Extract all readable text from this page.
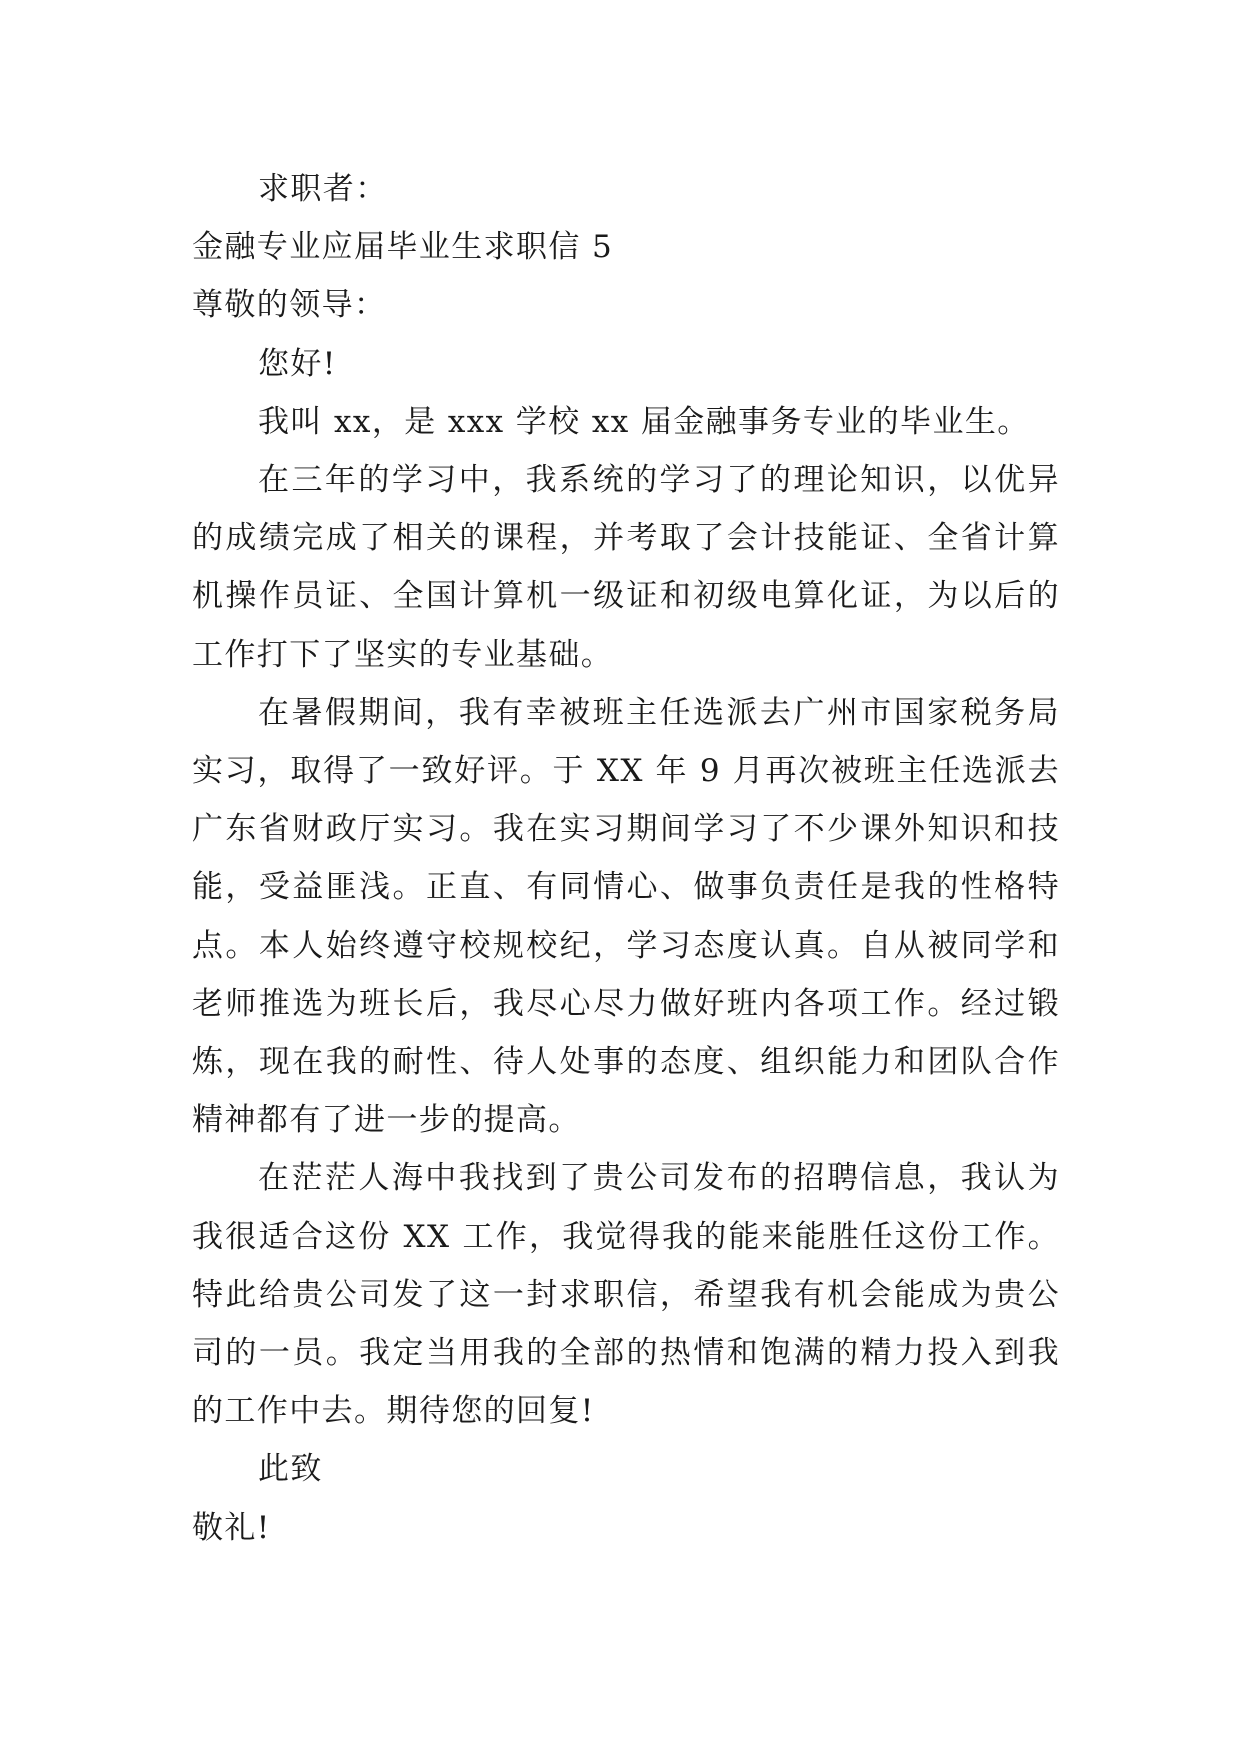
求职者：

金融专业应届毕业生求职信 5

尊敬的领导：

您好!

我叫 xx，是 xxx 学校 xx 届金融事务专业的毕业生。

在三年的学习中，我系统的学习了的理论知识，以优异的成绩完成了相关的课程，并考取了会计技能证、全省计算机操作员证、全国计算机一级证和初级电算化证，为以后的工作打下了坚实的专业基础。

在暑假期间，我有幸被班主任选派去广州市国家税务局实习，取得了一致好评。于 XX 年 9 月再次被班主任选派去广东省财政厅实习。我在实习期间学习了不少课外知识和技能，受益匪浅。正直、有同情心、做事负责任是我的性格特点。本人始终遵守校规校纪，学习态度认真。自从被同学和老师推选为班长后，我尽心尽力做好班内各项工作。经过锻炼，现在我的耐性、待人处事的态度、组织能力和团队合作精神都有了进一步的提高。

在茫茫人海中我找到了贵公司发布的招聘信息，我认为我很适合这份 XX 工作，我觉得我的能来能胜任这份工作。特此给贵公司发了这一封求职信，希望我有机会能成为贵公司的一员。我定当用我的全部的热情和饱满的精力投入到我的工作中去。期待您的回复!

此致

敬礼!
